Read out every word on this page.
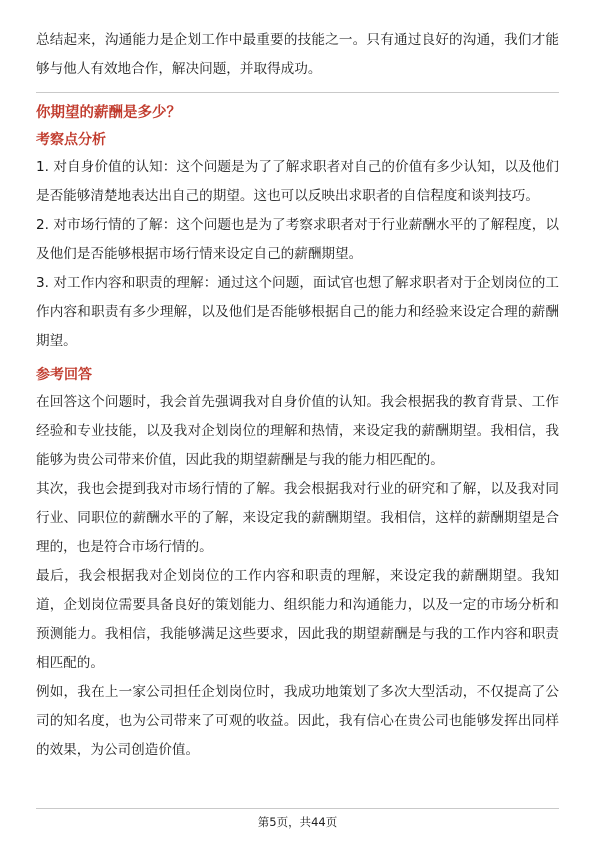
总结起来，沟通能力是企划工作中最重要的技能之一。只有通过良好的沟通，我们才能够与他人有效地合作，解决问题，并取得成功。

你期望的薪酬是多少？

考察点分析

1. 对自身价值的认知：这个问题是为了了解求职者对自己的价值有多少认知，以及他们是否能够清楚地表达出自己的期望。这也可以反映出求职者的自信程度和谈判技巧。

2. 对市场行情的了解：这个问题也是为了考察求职者对于行业薪酬水平的了解程度，以及他们是否能够根据市场行情来设定自己的薪酬期望。

3. 对工作内容和职责的理解：通过这个问题，面试官也想了解求职者对于企划岗位的工作内容和职责有多少理解，以及他们是否能够根据自己的能力和经验来设定合理的薪酬期望。

参考回答

在回答这个问题时，我会首先强调我对自身价值的认知。我会根据我的教育背景、工作经验和专业技能，以及我对企划岗位的理解和热情，来设定我的薪酬期望。我相信，我能够为贵公司带来价值，因此我的期望薪酬是与我的能力相匹配的。

其次，我也会提到我对市场行情的了解。我会根据我对行业的研究和了解，以及我对同行业、同职位的薪酬水平的了解，来设定我的薪酬期望。我相信，这样的薪酬期望是合理的，也是符合市场行情的。

最后，我会根据我对企划岗位的工作内容和职责的理解，来设定我的薪酬期望。我知道，企划岗位需要具备良好的策划能力、组织能力和沟通能力，以及一定的市场分析和预测能力。我相信，我能够满足这些要求，因此我的期望薪酬是与我的工作内容和职责相匹配的。

例如，我在上一家公司担任企划岗位时，我成功地策划了多次大型活动，不仅提高了公司的知名度，也为公司带来了可观的收益。因此，我有信心在贵公司也能够发挥出同样的效果，为公司创造价值。

第5页，共44页
